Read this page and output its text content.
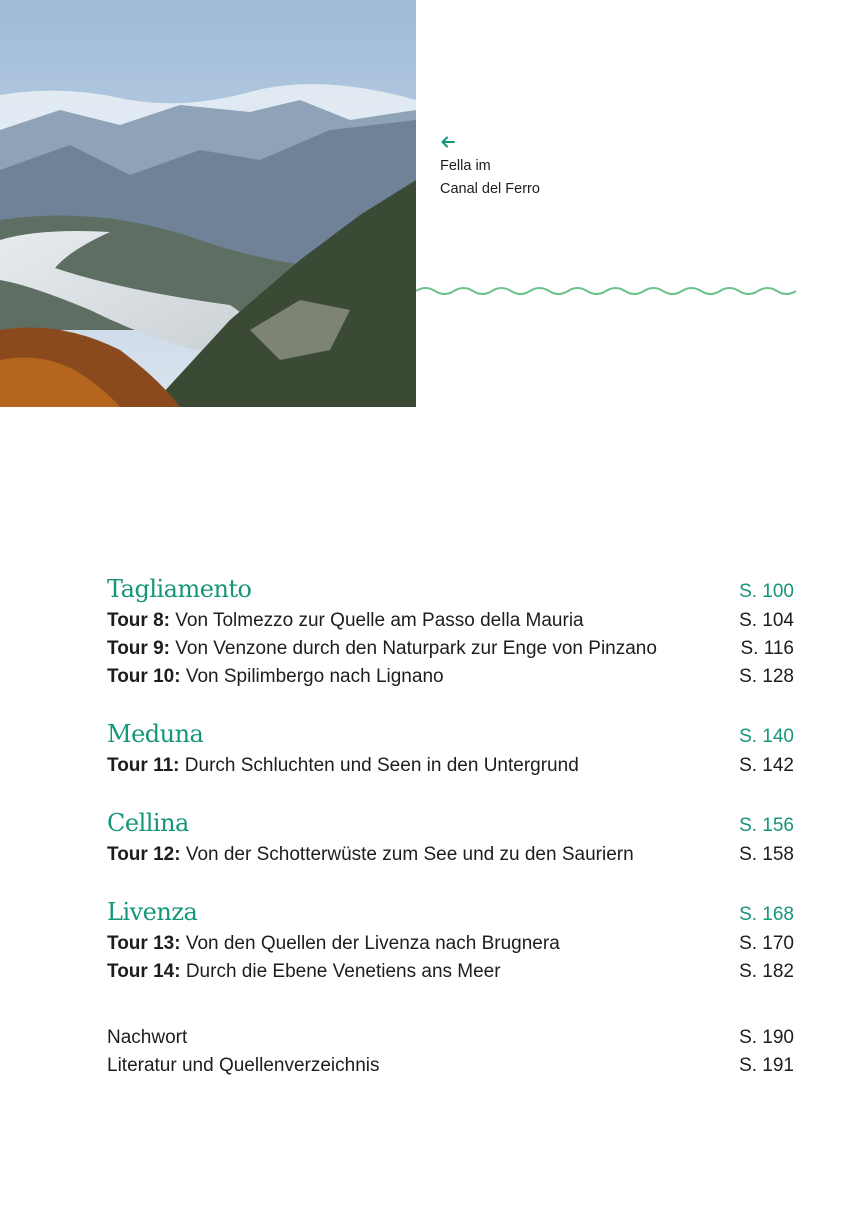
Fella im
Canal del Ferro
Tagliamento	S. 100
Tour 8: Von Tolmezzo zur Quelle am Passo della Mauria	S. 104
Tour 9: Von Venzone durch den Naturpark zur Enge von Pinzano	S. 116
Tour 10: Von Spilimbergo nach Lignano	S. 128
Meduna	S. 140
Tour 11: Durch Schluchten und Seen in den Untergrund	S. 142
Cellina	S. 156
Tour 12: Von der Schotterwüste zum See und zu den Sauriern	S. 158
Livenza	S. 168
Tour 13: Von den Quellen der Livenza nach Brugnera	S. 170
Tour 14: Durch die Ebene Venetiens ans Meer	S. 182
Nachwort	S. 190
Literatur und Quellenverzeichnis	S. 191
